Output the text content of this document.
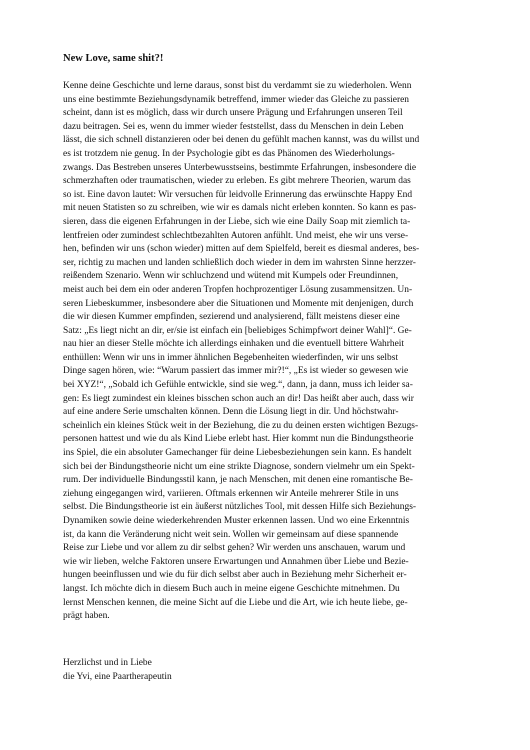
New Love, same shit?!
Kenne deine Geschichte und lerne daraus, sonst bist du verdammt sie zu wiederholen. Wenn
uns eine bestimmte Beziehungsdynamik betreffend, immer wieder das Gleiche zu passieren
scheint, dann ist es möglich, dass wir durch unsere Prägung und Erfahrungen unseren Teil
dazu beitragen. Sei es, wenn du immer wieder feststellst, dass du Menschen in dein Leben
lässt, die sich schnell distanzieren oder bei denen du gefühlt machen kannst, was du willst und
es ist trotzdem nie genug. In der Psychologie gibt es das Phänomen des Wiederholungs-
zwangs. Das Bestreben unseres Unterbewusstseins, bestimmte Erfahrungen, insbesondere die
schmerzhaften oder traumatischen, wieder zu erleben. Es gibt mehrere Theorien, warum das
so ist. Eine davon lautet: Wir versuchen für leidvolle Erinnerung das erwünschte Happy End
mit neuen Statisten so zu schreiben, wie wir es damals nicht erleben konnten. So kann es pas-
sieren, dass die eigenen Erfahrungen in der Liebe, sich wie eine Daily Soap mit ziemlich ta-
lentfreien oder zumindest schlechtbezahlten Autoren anfühlt. Und meist, ehe wir uns verse-
hen, befinden wir uns (schon wieder) mitten auf dem Spielfeld, bereit es diesmal anderes, bes-
ser, richtig zu machen und landen schließlich doch wieder in dem im wahrsten Sinne herzzer-
reißendem Szenario. Wenn wir schluchzend und wütend mit Kumpels oder Freundinnen,
meist auch bei dem ein oder anderen Tropfen hochprozentiger Lösung zusammensitzen. Un-
seren Liebeskummer, insbesondere aber die Situationen und Momente mit denjenigen, durch
die wir diesen Kummer empfinden, sezierend und analysierend, fällt meistens dieser eine
Satz: „Es liegt nicht an dir, er/sie ist einfach ein [beliebiges Schimpfwort deiner Wahl]“. Ge-
nau hier an dieser Stelle möchte ich allerdings einhaken und die eventuell bittere Wahrheit
enthüllen: Wenn wir uns in immer ähnlichen Begebenheiten wiederfinden, wir uns selbst
Dinge sagen hören, wie: “Warum passiert das immer mir?!“, „Es ist wieder so gewesen wie
bei XYZ!“, „Sobald ich Gefühle entwickle, sind sie weg.“, dann, ja dann, muss ich leider sa-
gen: Es liegt zumindest ein kleines bisschen schon auch an dir! Das heißt aber auch, dass wir
auf eine andere Serie umschalten können. Denn die Lösung liegt in dir. Und höchstwahr-
scheinlich ein kleines Stück weit in der Beziehung, die zu du deinen ersten wichtigen Bezugs-
personen hattest und wie du als Kind Liebe erlebt hast. Hier kommt nun die Bindungstheorie
ins Spiel, die ein absoluter Gamechanger für deine Liebesbeziehungen sein kann. Es handelt
sich bei der Bindungstheorie nicht um eine strikte Diagnose, sondern vielmehr um ein Spekt-
rum. Der individuelle Bindungsstil kann, je nach Menschen, mit denen eine romantische Be-
ziehung eingegangen wird, variieren. Oftmals erkennen wir Anteile mehrerer Stile in uns
selbst. Die Bindungstheorie ist ein äußerst nützliches Tool, mit dessen Hilfe sich Beziehungs-
Dynamiken sowie deine wiederkehrenden Muster erkennen lassen. Und wo eine Erkenntnis
ist, da kann die Veränderung nicht weit sein. Wollen wir gemeinsam auf diese spannende
Reise zur Liebe und vor allem zu dir selbst gehen? Wir werden uns anschauen, warum und
wie wir lieben, welche Faktoren unsere Erwartungen und Annahmen über Liebe und Bezie-
hungen beeinflussen und wie du für dich selbst aber auch in Beziehung mehr Sicherheit er-
langst. Ich möchte dich in diesem Buch auch in meine eigene Geschichte mitnehmen. Du
lernst Menschen kennen, die meine Sicht auf die Liebe und die Art, wie ich heute liebe, ge-
prägt haben.
Herzlichst und in Liebe
die Yvi, eine Paartherapeutin
